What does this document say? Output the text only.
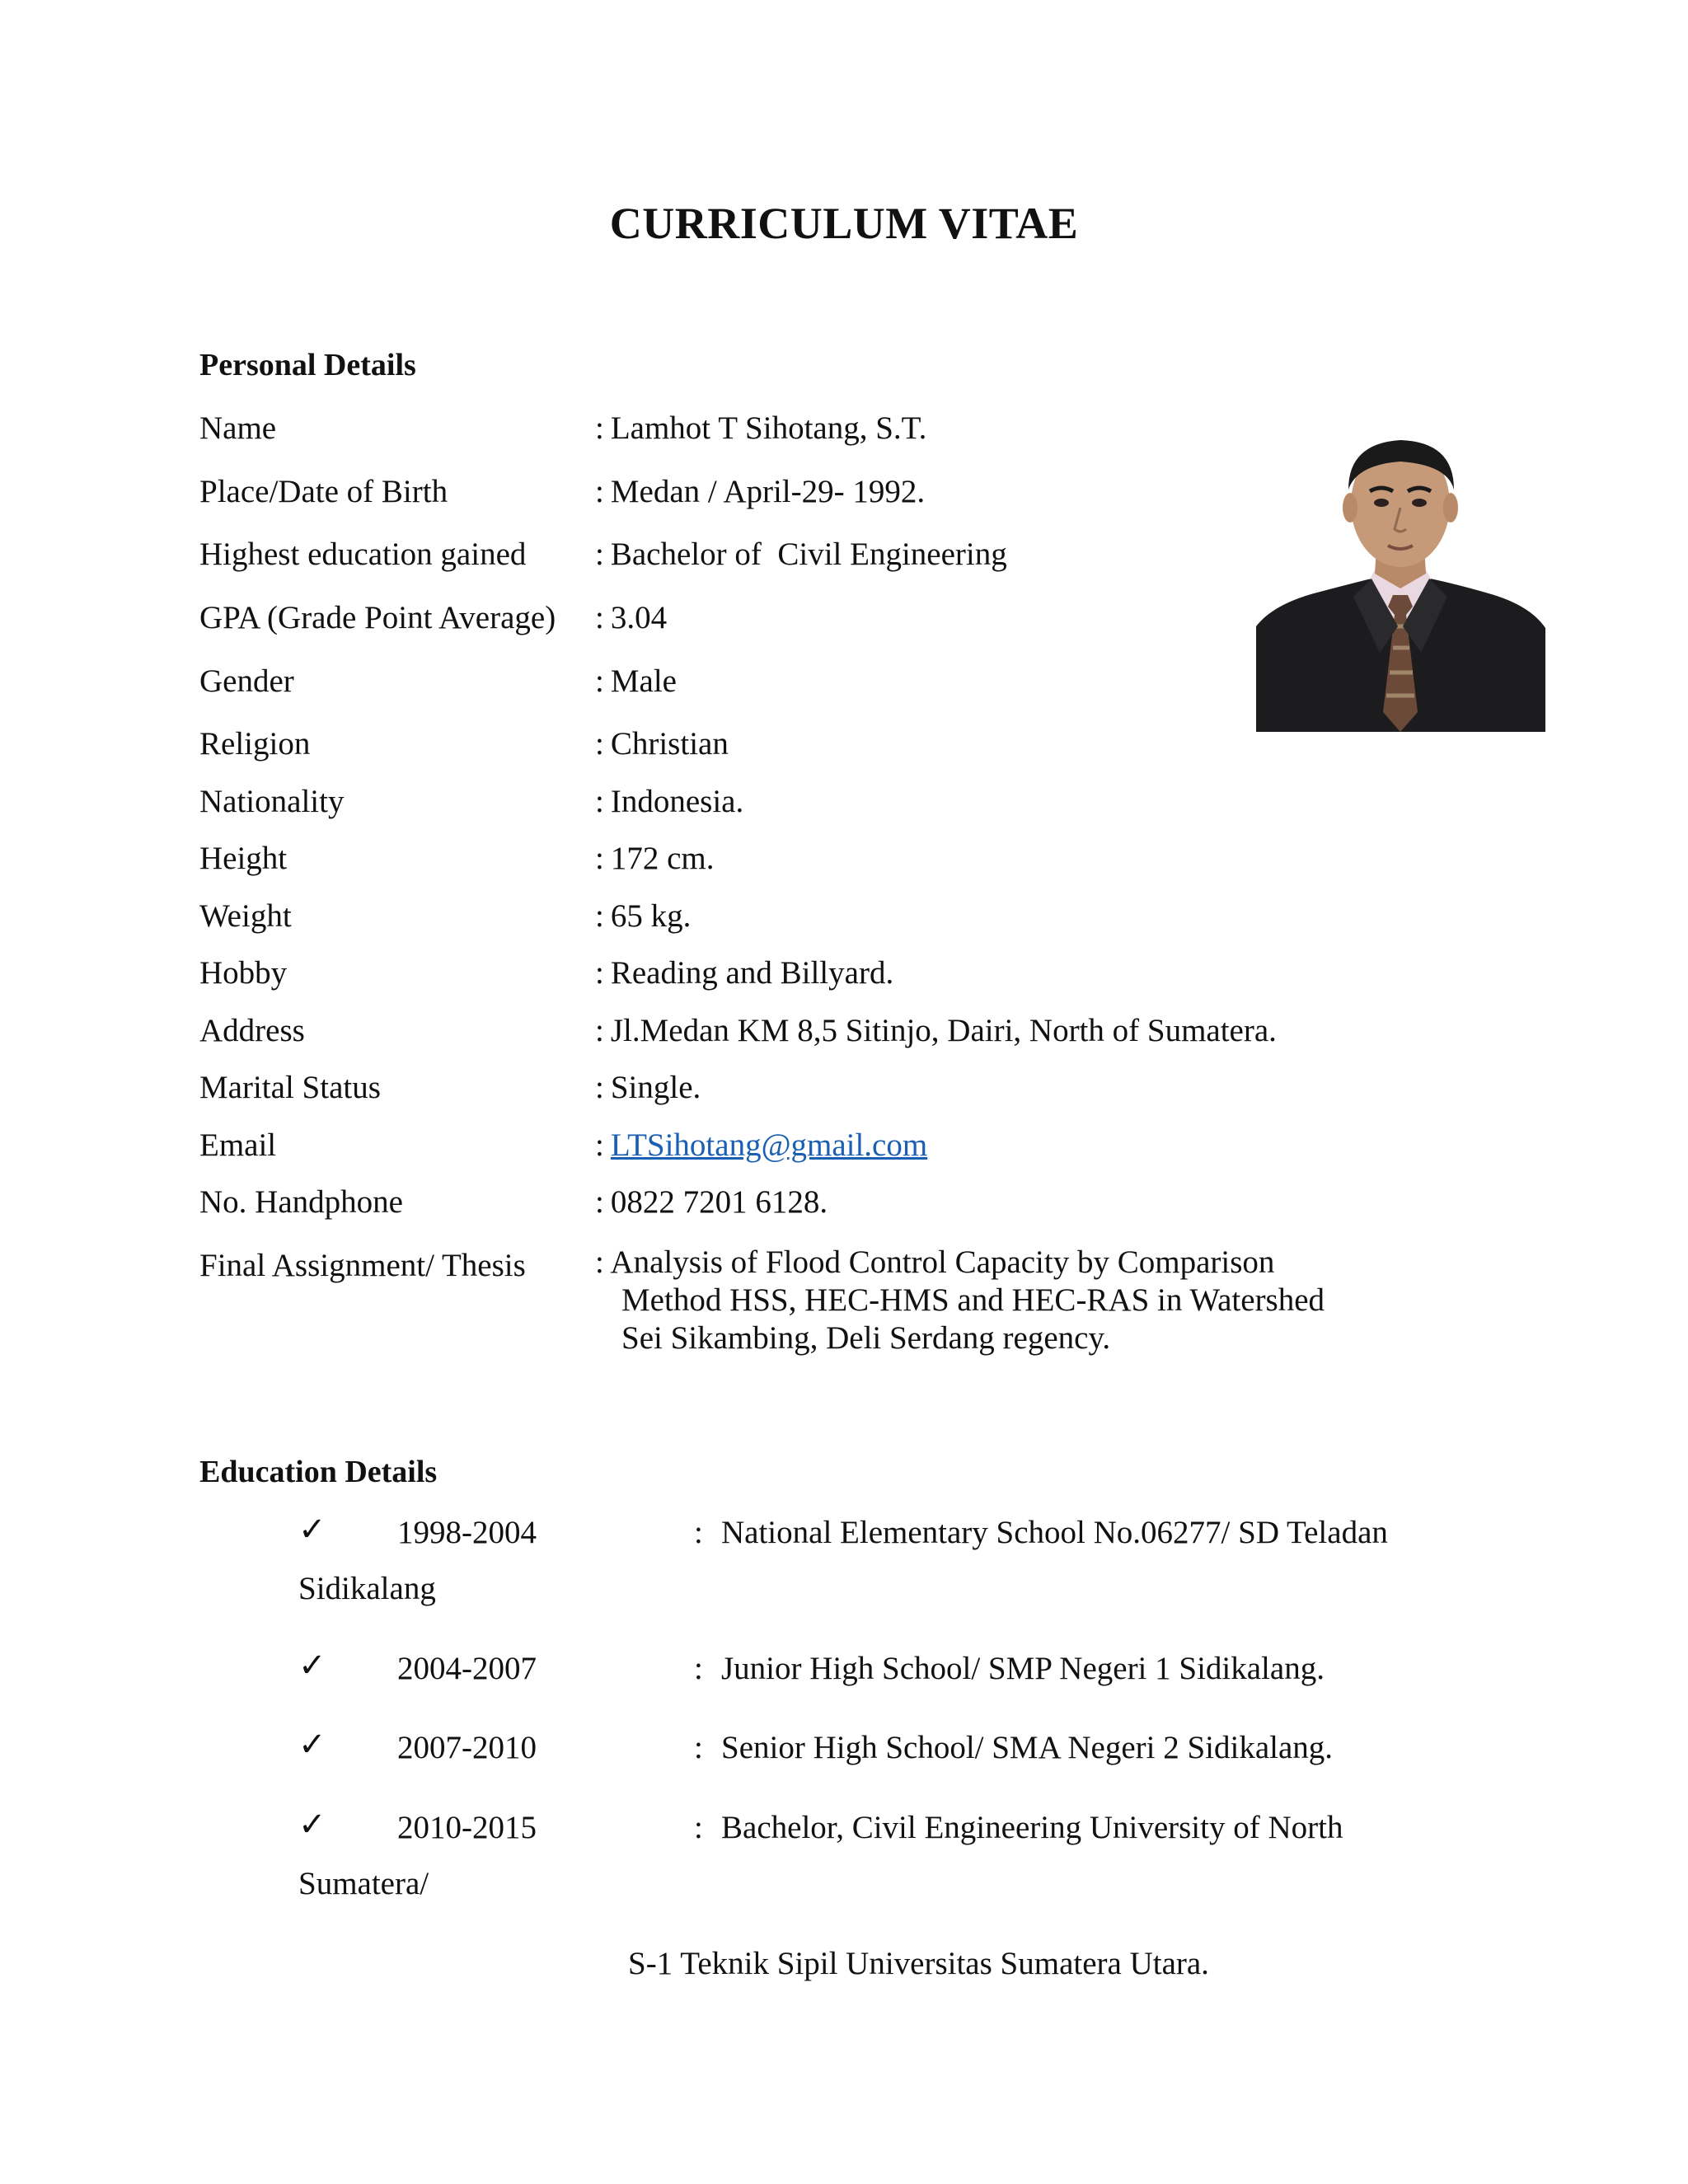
CURRICULUM VITAE
Personal Details
Name	: Lamhot T Sihotang, S.T.
Place/Date of Birth	: Medan / April-29- 1992.
Highest education gained : Bachelor of  Civil Engineering
GPA (Grade Point Average) : 3.04
Gender	: Male
Religion	: Christian
Nationality	: Indonesia.
Height	: 172 cm.
Weight	: 65 kg.
Hobby	: Reading and Billyard.
Address	: Jl.Medan KM 8,5 Sitinjo, Dairi, North of Sumatera.
Marital Status	: Single.
Email	: LTSihotang@gmail.com
No. Handphone	: 0822 7201 6128.
Final Assignment/ Thesis : Analysis of Flood Control Capacity by Comparison
Method HSS, HEC-HMS and HEC-RAS in Watershed
Sei Sikambing, Deli Serdang regency.
Education Details
✓ 1998-2004	: National Elementary School No.06277/ SD Teladan
Sidikalang
✓ 2004-2007	: Junior High School/ SMP Negeri 1 Sidikalang.
✓ 2007-2010	: Senior High School/ SMA Negeri 2 Sidikalang.
✓ 2010-2015	: Bachelor, Civil Engineering University of North
Sumatera/
S-1 Teknik Sipil Universitas Sumatera Utara.
